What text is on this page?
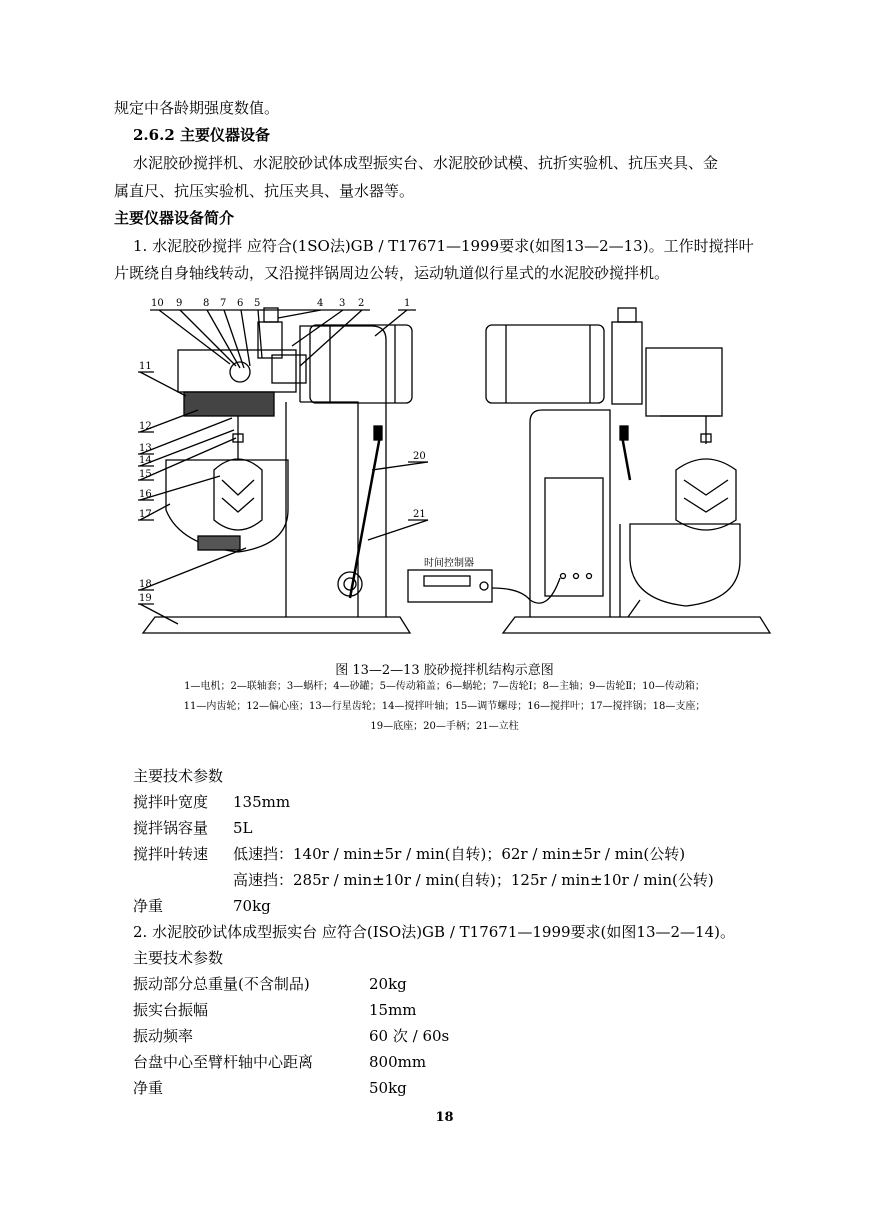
规定中各龄期强度数值。
2.6.2 主要仪器设备
水泥胶砂搅拌机、水泥胶砂试体成型振实台、水泥胶砂试模、抗折实验机、抗压夹具、金
属直尺、抗压实验机、抗压夹具、量水器等。
主要仪器设备简介
1. 水泥胶砂搅拌 应符合(1SO法)GB / T17671—1999要求(如图13—2—13)。工作时搅拌叶
片既绕自身轴线转动，又沿搅拌锅周边公转，运动轨道似行星式的水泥胶砂搅拌机。
10 9 8 7 6 5	4 3 2	1
11
12
13
14
15
16
17
18
19
20
21
时间控制器
图 13—2—13 胶砂搅拌机结构示意图
1—电机；2—联轴套；3—蜗杆；4—砂罐；5—传动箱盖；6—蜗轮；7—齿轮Ⅰ；8—主轴；9—齿轮Ⅱ；10—传动箱；
11—内齿轮；12—偏心座；13—行星齿轮；14—搅拌叶轴；15—调节螺母；16—搅拌叶；17—搅拌锅；18—支座；
19—底座；20—手柄；21—立柱
主要技术参数
搅拌叶宽度 135mm
搅拌锅容量 5L
搅拌叶转速 低速挡：140r / min±5r / min(自转)；62r / min±5r / min(公转)
高速挡：285r / min±10r / min(自转)；125r / min±10r / min(公转)
净重	70kg
2. 水泥胶砂试体成型振实台 应符合(ISO法)GB / T17671—1999要求(如图13—2—14)。
主要技术参数
振动部分总重量(不含制品)	20kg
振实台振幅	15mm
振动频率	60 次 / 60s
台盘中心至臂杆轴中心距离	800mm
净重	50kg
18
